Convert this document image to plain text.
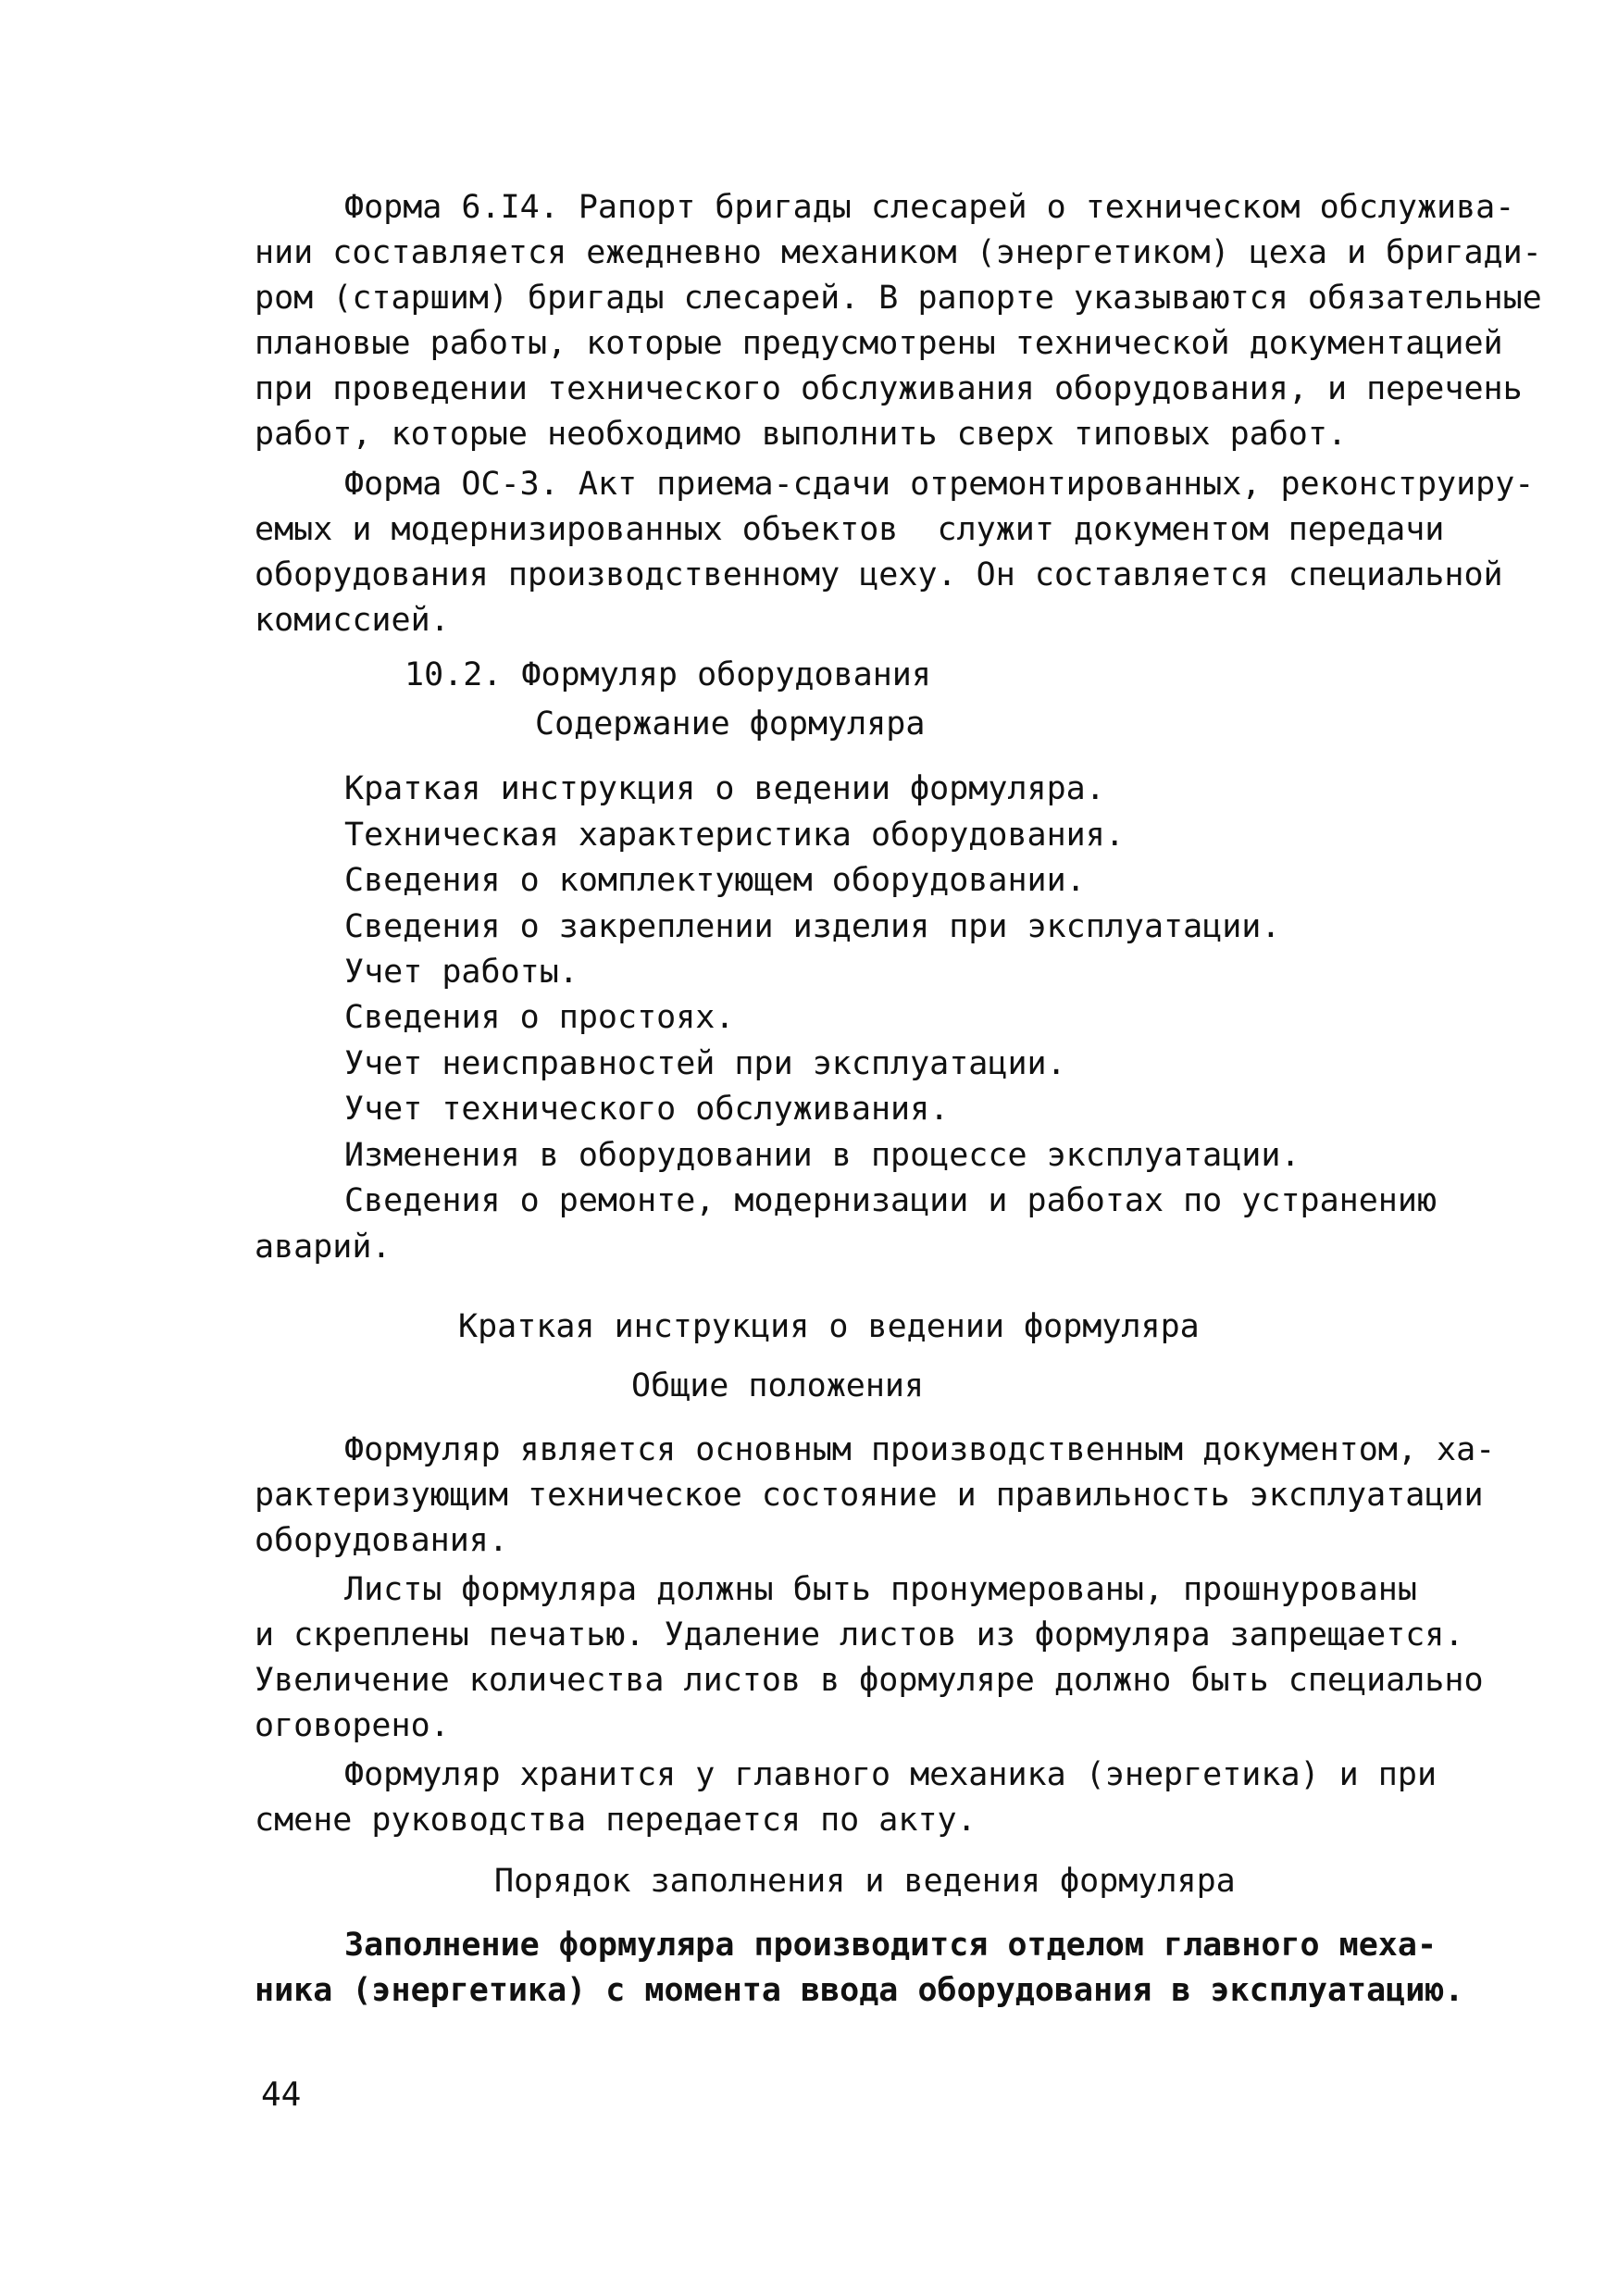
Форма 6.I4. Рапорт бригады слесарей о техническом обслужива-
нии составляется ежедневно механиком (энергетиком) цеха и бригади-
ром (старшим) бригады слесарей. В рапорте указываются обязательные
плановые работы, которые предусмотрены технической документацией
при проведении технического обслуживания оборудования, и перечень
работ, которые необходимо выполнить сверх типовых работ.
Форма ОС-3. Акт приема-сдачи отремонтированных, реконструиру-
емых и модернизированных объектов  служит документом передачи
оборудования производственному цеху. Он составляется специальной
комиссией.
10.2. Формуляр оборудования
Содержание формуляра
Краткая инструкция о ведении формуляра.
Техническая характеристика оборудования.
Сведения о комплектующем оборудовании.
Сведения о закреплении изделия при эксплуатации.
Учет работы.
Сведения о простоях.
Учет неисправностей при эксплуатации.
Учет технического обслуживания.
Изменения в оборудовании в процессе эксплуатации.
Сведения о ремонте, модернизации и работах по устранению
аварий.
Краткая инструкция о ведении формуляра
Общие положения
Формуляр является основным производственным документом, ха-
рактеризующим техническое состояние и правильность эксплуатации
оборудования.
Листы формуляра должны быть пронумерованы, прошнурованы
и скреплены печатью. Удаление листов из формуляра запрещается.
Увеличение количества листов в формуляре должно быть специально
оговорено.
Формуляр хранится у главного механика (энергетика) и при
смене руководства передается по акту.
Порядок заполнения и ведения формуляра
Заполнение формуляра производится отделом главного меха-
ника (энергетика) с момента ввода оборудования в эксплуатацию.
44
